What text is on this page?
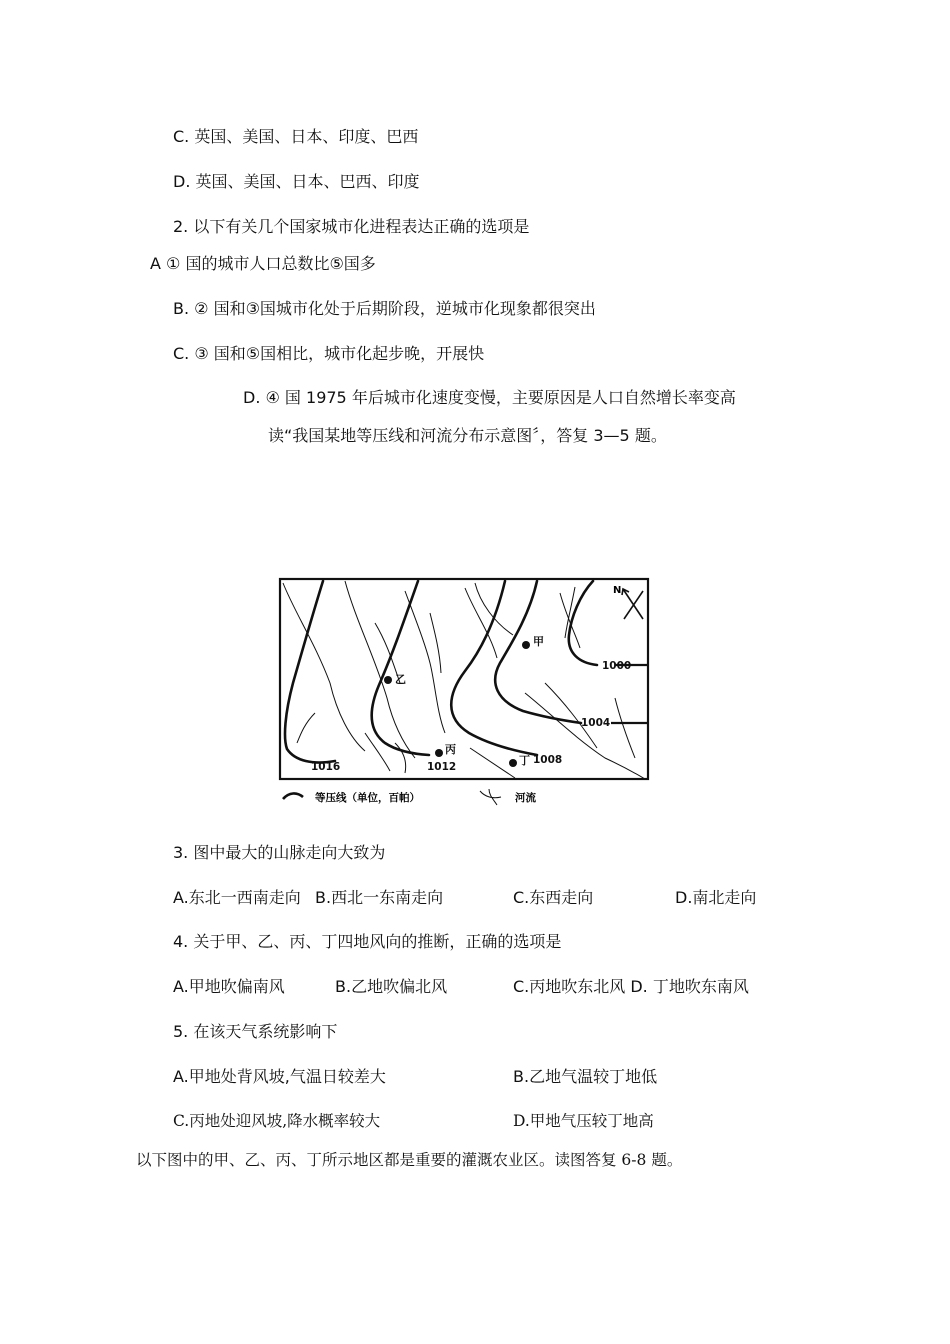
C. 英国、美国、日本、印度、巴西
D. 英国、美国、日本、巴西、印度
2. 以下有关几个国家城市化进程表达正确的选项是
A ① 国的城市人口总数比⑤国多
B. ② 国和③国城市化处于后期阶段，逆城市化现象都很突出
C. ③ 国和⑤国相比，城市化起步晚，开展快
D. ④ 国 1975 年后城市化速度变慢，主要原因是人口自然增长率变高
读“我国某地等压线和河流分布示意图〞，答复 3—5 题。
N
1000
1004
1008
1012
1016
甲
乙
丙
丁
等压线（单位，百帕）	河流
3. 图中最大的山脉走向大致为
A.东北一西南走向 B.西北一东南走向	C.东西走向	D.南北走向
4. 关于甲、乙、丙、丁四地风向的推断，正确的选项是
A.甲地吹偏南风	B.乙地吹偏北风	C.丙地吹东北风 D. 丁地吹东南风
5. 在该天气系统影响下
A.甲地处背风坡,气温日较差大	B.乙地气温较丁地低
C.丙地处迎风坡,降水概率较大	D.甲地气压较丁地高
以下图中的甲、乙、丙、丁所示地区都是重要的灌溉农业区。读图答复 6-8 题。
